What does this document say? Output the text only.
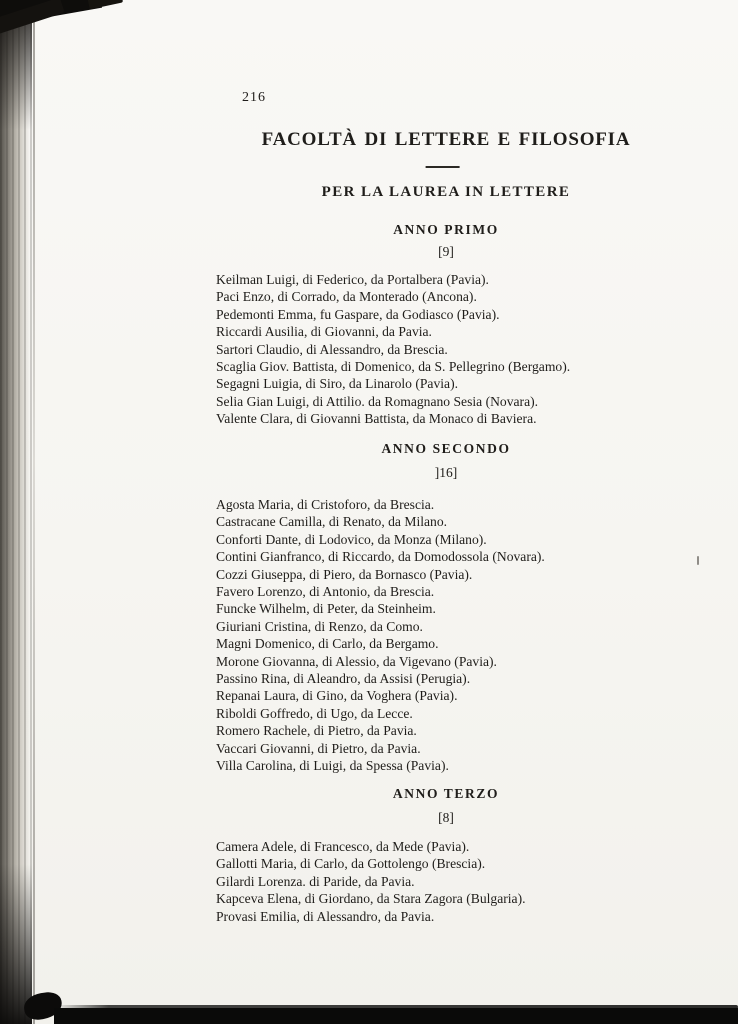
216
FACOLTÀ DI LETTERE E FILOSOFIA
PER LA LAUREA IN LETTERE
ANNO PRIMO
[9]
Keilman Luigi, di Federico, da Portalbera (Pavia).
Paci Enzo, di Corrado, da Monterado (Ancona).
Pedemonti Emma, fu Gaspare, da Godiasco (Pavia).
Riccardi Ausilia, di Giovanni, da Pavia.
Sartori Claudio, di Alessandro, da Brescia.
Scaglia Giov. Battista, di Domenico, da S. Pellegrino (Bergamo).
Segagni Luigia, di Siro, da Linarolo (Pavia).
Selia Gian Luigi, di Attilio. da Romagnano Sesia (Novara).
Valente Clara, di Giovanni Battista, da Monaco di Baviera.
ANNO SECONDO
]16]
Agosta Maria, di Cristoforo, da Brescia.
Castracane Camilla, di Renato, da Milano.
Conforti Dante, di Lodovico, da Monza (Milano).
Contini Gianfranco, di Riccardo, da Domodossola (Novara).
Cozzi Giuseppa, di Piero, da Bornasco (Pavia).
Favero Lorenzo, di Antonio, da Brescia.
Funcke Wilhelm, di Peter, da Steinheim.
Giuriani Cristina, di Renzo, da Como.
Magni Domenico, di Carlo, da Bergamo.
Morone Giovanna, di Alessio, da Vigevano (Pavia).
Passino Rina, di Aleandro, da Assisi (Perugia).
Repanai Laura, di Gino, da Voghera (Pavia).
Riboldi Goffredo, di Ugo, da Lecce.
Romero Rachele, di Pietro, da Pavia.
Vaccari Giovanni, di Pietro, da Pavia.
Villa Carolina, di Luigi, da Spessa (Pavia).
ANNO TERZO
[8]
Camera Adele, di Francesco, da Mede (Pavia).
Gallotti Maria, di Carlo, da Gottolengo (Brescia).
Gilardi Lorenza. di Paride, da Pavia.
Kapceva Elena, di Giordano, da Stara Zagora (Bulgaria).
Provasi Emilia, di Alessandro, da Pavia.
